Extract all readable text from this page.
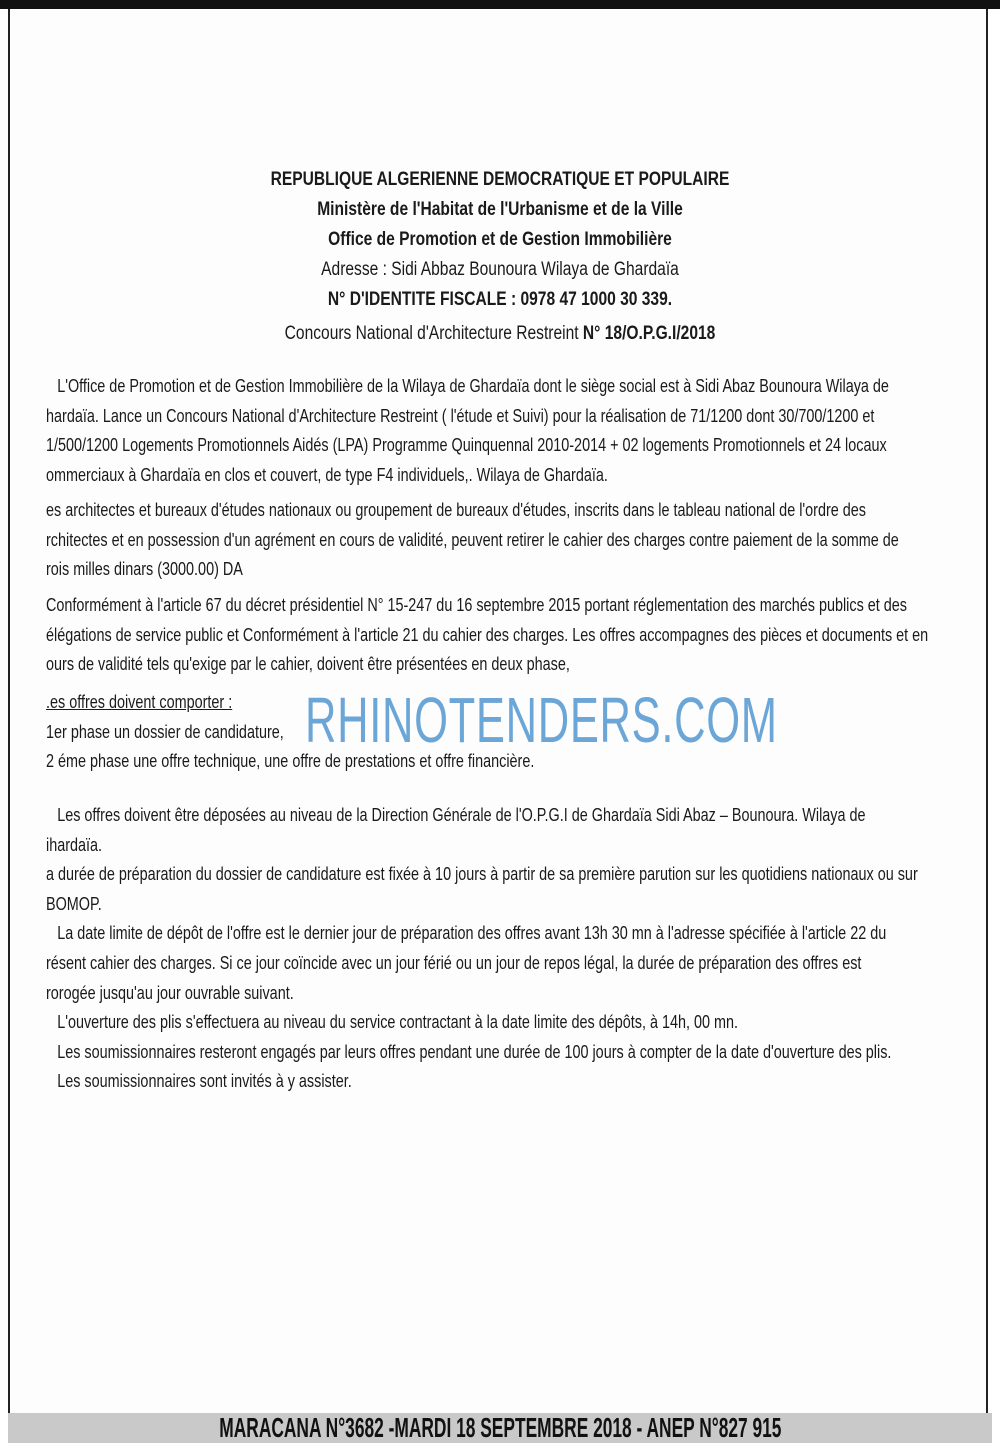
REPUBLIQUE ALGERIENNE DEMOCRATIQUE ET POPULAIRE
Ministère de l'Habitat de l'Urbanisme et de la Ville
Office de Promotion et de Gestion Immobilière
Adresse : Sidi Abbaz Bounoura Wilaya de Ghardaïa
N° D'IDENTITE FISCALE : 0978 47 1000 30 339.
Concours National d'Architecture Restreint N° 18/O.P.G.I/2018
L'Office de Promotion et de Gestion Immobilière de la Wilaya de Ghardaïa dont le siège social est à Sidi Abaz Bounoura Wilaya de
hardaïa. Lance un Concours National d'Architecture Restreint ( l'étude et Suivi) pour la réalisation de 71/1200 dont 30/700/1200 et
1/500/1200 Logements Promotionnels Aidés (LPA) Programme Quinquennal 2010-2014 + 02 logements Promotionnels et 24 locaux
ommerciaux à Ghardaïa en clos et couvert, de type F4 individuels,. Wilaya de Ghardaïa.
es architectes et bureaux d'études nationaux ou groupement de bureaux d'études, inscrits dans le tableau national de l'ordre des
rchitectes et en possession d'un agrément en cours de validité, peuvent retirer le cahier des charges contre paiement de la somme de
rois milles dinars (3000.00) DA
Conformément à l'article 67 du décret présidentiel N° 15-247 du 16 septembre 2015 portant réglementation des marchés publics et des
élégations de service public et Conformément à l'article 21 du cahier des charges. Les offres accompagnes des pièces et documents et en
ours de validité tels qu'exige par le cahier, doivent être présentées en deux phase,
.es offres doivent comporter :
1er phase un dossier de candidature,
2 éme phase une offre technique, une offre de prestations et offre financière.
Les offres doivent être déposées au niveau de la Direction Générale de l'O.P.G.I de Ghardaïa Sidi Abaz – Bounoura. Wilaya de
ihardaïa.
a durée de préparation du dossier de candidature est fixée à 10 jours à partir de sa première parution sur les quotidiens nationaux ou sur
BOMOP.
La date limite de dépôt de l'offre est le dernier jour de préparation des offres avant 13h 30 mn à l'adresse spécifiée à l'article 22 du
résent cahier des charges. Si ce jour coïncide avec un jour férié ou un jour de repos légal, la durée de préparation des offres est
rorogée jusqu'au jour ouvrable suivant.
L'ouverture des plis s'effectuera au niveau du service contractant à la date limite des dépôts, à 14h, 00 mn.
Les soumissionnaires resteront engagés par leurs offres pendant une durée de 100 jours à compter de la date d'ouverture des plis.
Les soumissionnaires sont invités à y assister.
RHINOTENDERS.COM
MARACANA N°3682 -MARDI 18 SEPTEMBRE 2018 - ANEP N°827 915
